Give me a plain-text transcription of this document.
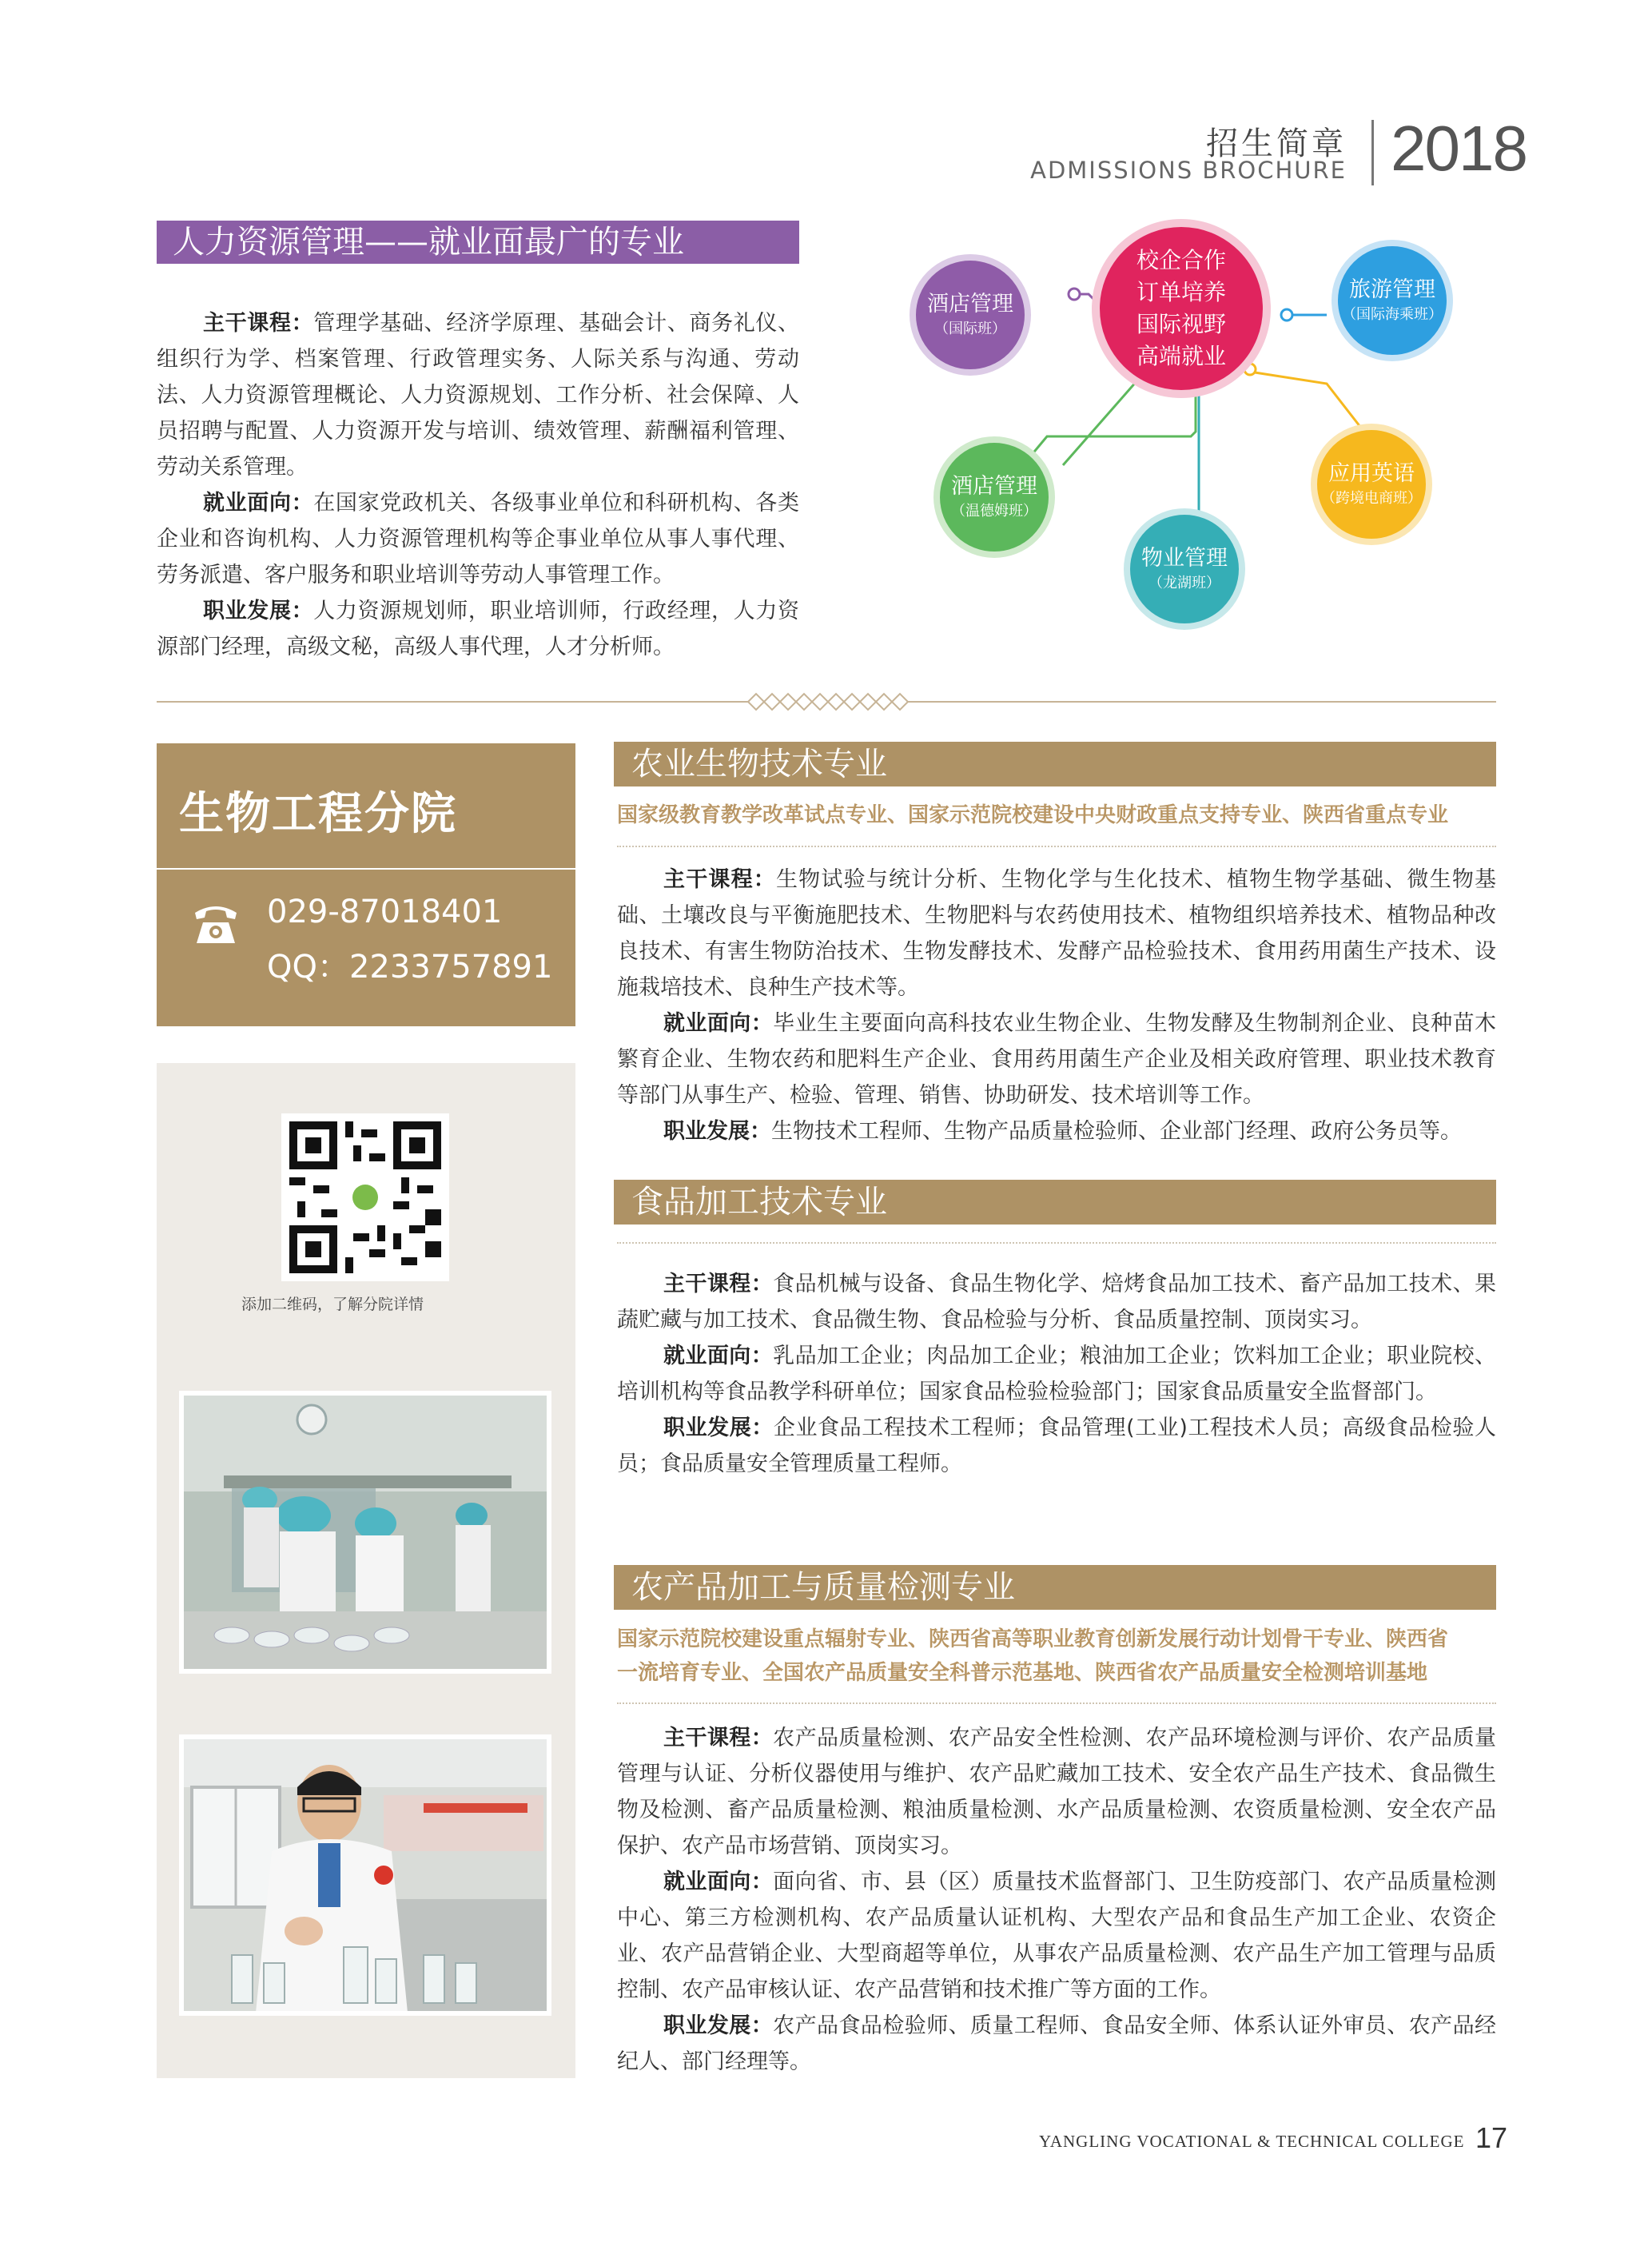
招生简章
ADMISSIONS BROCHURE 2018
人力资源管理——就业面最广的专业

主干课程：管理学基础、经济学原理、基础会计、商务礼仪、组织行为学、档案管理、行政管理实务、人际关系与沟通、劳动法、人力资源管理概论、人力资源规划、工作分析、社会保障、人员招聘与配置、人力资源开发与培训、绩效管理、薪酬福利管理、劳动关系管理。

就业面向：在国家党政机关、各级事业单位和科研机构、各类企业和咨询机构、人力资源管理机构等企事业单位从事人事代理、劳务派遣、客户服务和职业培训等劳动人事管理工作。

职业发展：人力资源规划师，职业培训师，行政经理，人力资源部门经理，高级文秘，高级人事代理，人才分析师。

校企合作
订单培养
国际视野
高端就业
酒店管理
（国际班）
旅游管理
（国际海乘班）
酒店管理
（温德姆班）
应用英语
（跨境电商班）
物业管理
（龙湖班）
生物工程分院
029-87018401
QQ：2233757891
添加二维码，了解分院详情
农业生物技术专业
国家级教育教学改革试点专业、国家示范院校建设中央财政重点支持专业、陕西省重点专业

主干课程：生物试验与统计分析、生物化学与生化技术、植物生物学基础、微生物基础、土壤改良与平衡施肥技术、生物肥料与农药使用技术、植物组织培养技术、植物品种改良技术、有害生物防治技术、生物发酵技术、发酵产品检验技术、食用药用菌生产技术、设施栽培技术、良种生产技术等。

就业面向：毕业生主要面向高科技农业生物企业、生物发酵及生物制剂企业、良种苗木繁育企业、生物农药和肥料生产企业、食用药用菌生产企业及相关政府管理、职业技术教育等部门从事生产、检验、管理、销售、协助研发、技术培训等工作。

职业发展：生物技术工程师、生物产品质量检验师、企业部门经理、政府公务员等。

食品加工技术专业

主干课程：食品机械与设备、食品生物化学、焙烤食品加工技术、畜产品加工技术、果蔬贮藏与加工技术、食品微生物、食品检验与分析、食品质量控制、顶岗实习。

就业面向：乳品加工企业；肉品加工企业；粮油加工企业；饮料加工企业；职业院校、培训机构等食品教学科研单位；国家食品检验检验部门；国家食品质量安全监督部门。

职业发展：企业食品工程技术工程师；食品管理(工业)工程技术人员；高级食品检验人员；食品质量安全管理质量工程师。

农产品加工与质量检测专业
国家示范院校建设重点辐射专业、陕西省高等职业教育创新发展行动计划骨干专业、陕西省
一流培育专业、全国农产品质量安全科普示范基地、陕西省农产品质量安全检测培训基地

主干课程：农产品质量检测、农产品安全性检测、农产品环境检测与评价、农产品质量管理与认证、分析仪器使用与维护、农产品贮藏加工技术、安全农产品生产技术、食品微生物及检测、畜产品质量检测、粮油质量检测、水产品质量检测、农资质量检测、安全农产品保护、农产品市场营销、顶岗实习。

就业面向：面向省、市、县（区）质量技术监督部门、卫生防疫部门、农产品质量检测中心、第三方检测机构、农产品质量认证机构、大型农产品和食品生产加工企业、农资企业、农产品营销企业、大型商超等单位，从事农产品质量检测、农产品生产加工管理与品质控制、农产品审核认证、农产品营销和技术推广等方面的工作。

职业发展：农产品食品检验师、质量工程师、食品安全师、体系认证外审员、农产品经纪人、部门经理等。

YANGLING VOCATIONAL & TECHNICAL COLLEGE 17
